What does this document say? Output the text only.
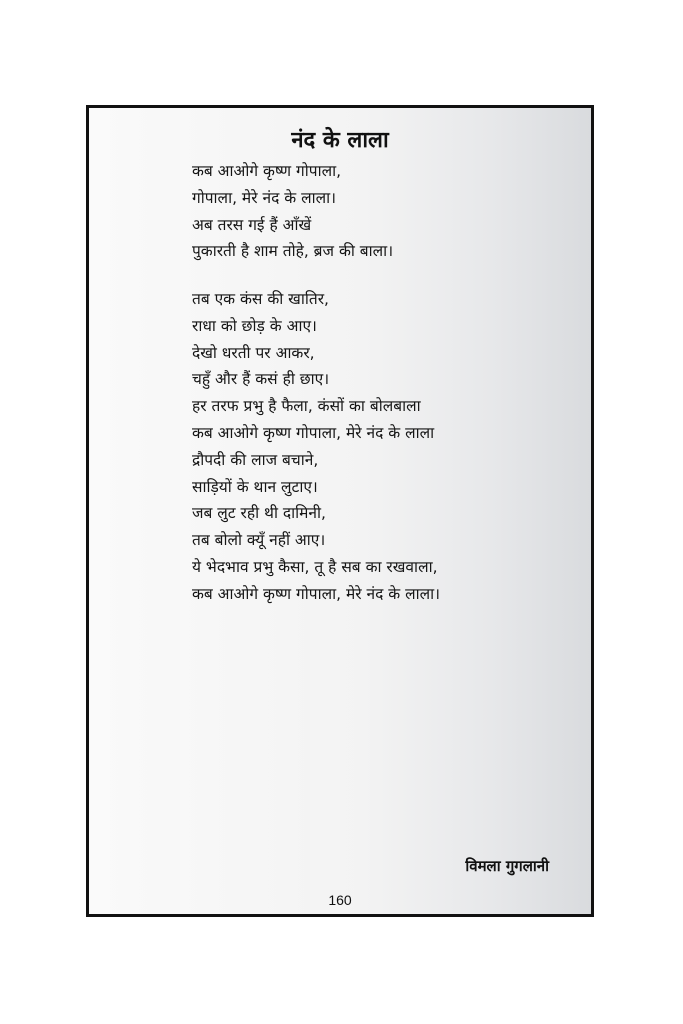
नंद के लाला
कब आओगे कृष्ण गोपाला,
गोपाला, मेरे नंद के लाला।
अब तरस गई हैं आँखें
पुकारती है शाम तोहे, ब्रज की बाला।
तब एक कंस की खातिर,
राधा को छोड़ के आए।
देखो धरती पर आकर,
चहुँ और हैं कसं ही छाए।
हर तरफ प्रभु है फैला, कंसों का बोलबाला
कब आओगे कृष्ण गोपाला, मेरे नंद के लाला
द्रौपदी की लाज बचाने,
साड़ियों के थान लुटाए।
जब लुट रही थी दामिनी,
तब बोलो क्यूँ नहीं आए।
ये भेदभाव प्रभु कैसा, तू है सब का रखवाला,
कब आओगे कृष्ण गोपाला, मेरे नंद के लाला।
विमला गुगलानी
160
